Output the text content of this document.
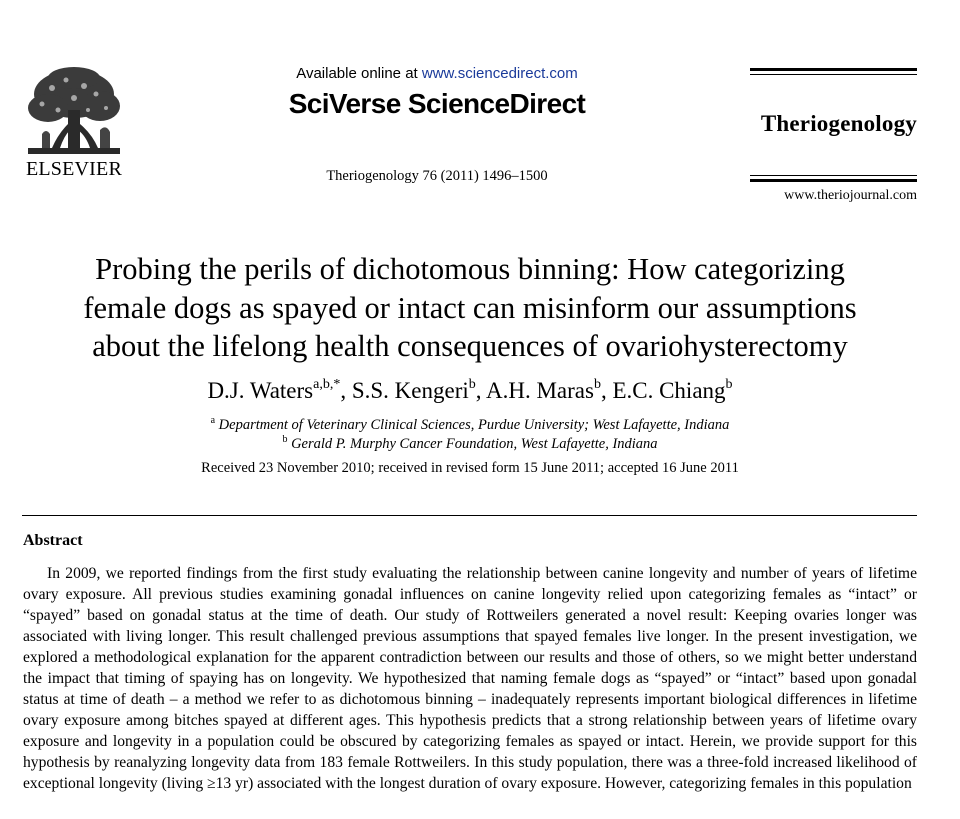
ELSEVIER
Available online at www.sciencedirect.com
SciVerse ScienceDirect
Theriogenology 76 (2011) 1496–1500
Theriogenology
www.theriojournal.com
Probing the perils of dichotomous binning: How categorizing
female dogs as spayed or intact can misinform our assumptions
about the lifelong health consequences of ovariohysterectomy
D.J. Waters$^{a,b,*}$, S.S. Kengeri$^b$, A.H. Maras$^b$, E.C. Chiang$^b$
$^a$ Department of Veterinary Clinical Sciences, Purdue University; West Lafayette, Indiana
$^b$ Gerald P. Murphy Cancer Foundation, West Lafayette, Indiana
Received 23 November 2010; received in revised form 15 June 2011; accepted 16 June 2011
Abstract

In 2009, we reported findings from the first study evaluating the relationship between canine longevity and number of years of lifetime ovary exposure. All previous studies examining gonadal influences on canine longevity relied upon categorizing females as “intact” or “spayed” based on gonadal status at the time of death. Our study of Rottweilers generated a novel result: Keeping ovaries longer was associated with living longer. This result challenged previous assumptions that spayed females live longer. In the present investigation, we explored a methodological explanation for the apparent contradiction between our results and those of others, so we might better understand the impact that timing of spaying has on longevity. We hypothesized that naming female dogs as “spayed” or “intact” based upon gonadal status at time of death – a method we refer to as dichotomous binning – inadequately represents important biological differences in lifetime ovary exposure among bitches spayed at different ages. This hypothesis predicts that a strong relationship between years of lifetime ovary exposure and longevity in a population could be obscured by categorizing females as spayed or intact. Herein, we provide support for this hypothesis by reanalyzing longevity data from 183 female Rottweilers. In this study population, there was a three-fold increased likelihood of exceptional longevity (living ≥13 yr) associated with the longest duration of ovary exposure. However, categorizing females in this population
